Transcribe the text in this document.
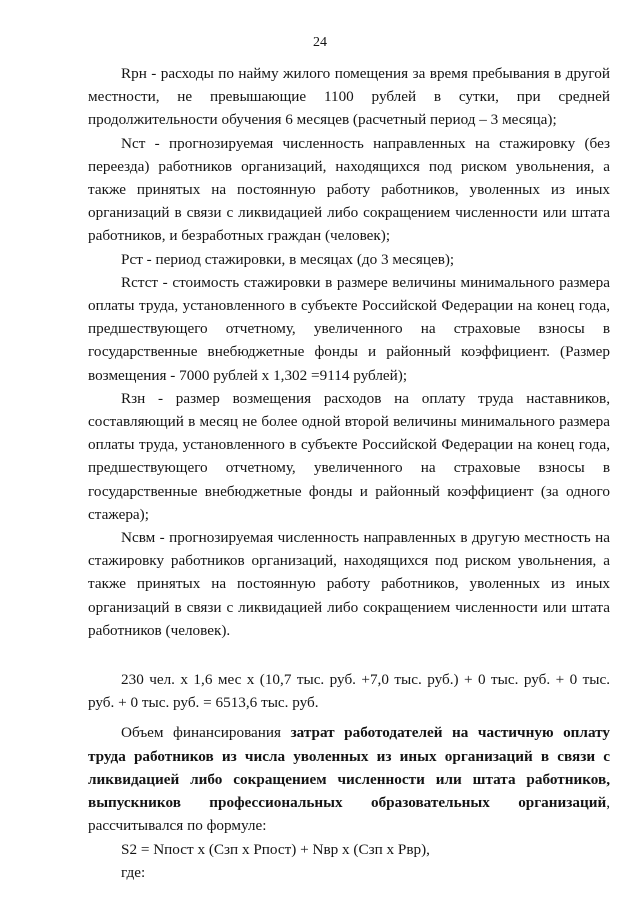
24

Rрн - расходы по найму жилого помещения за время пребывания в другой местности, не превышающие 1100 рублей в сутки, при средней продолжительности обучения 6 месяцев (расчетный период – 3 месяца);

Nст - прогнозируемая численность направленных на стажировку (без переезда) работников организаций, находящихся под риском увольнения, а также принятых на постоянную работу работников, уволенных из иных организаций в связи с ликвидацией либо сокращением численности или штата работников, и безработных граждан (человек);

Рст - период стажировки, в месяцах (до 3 месяцев);

Rстст - стоимость стажировки в размере величины минимального размера оплаты труда, установленного в субъекте Российской Федерации на конец года, предшествующего отчетному, увеличенного на страховые взносы в государственные внебюджетные фонды и районный коэффициент. (Размер возмещения - 7000 рублей х 1,302 =9114 рублей);

Rзн - размер возмещения расходов на оплату труда наставников, составляющий в месяц не более одной второй величины минимального размера оплаты труда, установленного в субъекте Российской Федерации на конец года, предшествующего отчетному, увеличенного на страховые взносы в государственные внебюджетные фонды и районный коэффициент (за одного стажера);

Nсвм - прогнозируемая численность направленных в другую местность на стажировку работников организаций, находящихся под риском увольнения, а также принятых на постоянную работу работников, уволенных из иных организаций в связи с ликвидацией либо сокращением численности или штата работников (человек).

230 чел. х 1,6 мес х (10,7 тыс. руб. +7,0 тыс. руб.) + 0 тыс. руб. + 0 тыс. руб. + 0 тыс. руб. = 6513,6 тыс. руб.

Объем финансирования затрат работодателей на частичную оплату труда работников из числа уволенных из иных организаций в связи с ликвидацией либо сокращением численности или штата работников, выпускников профессиональных образовательных организаций, рассчитывался по формуле:

S2 = Nпост х (Сзп х Рпост) + Nвр х (Сзп х Рвр),

где:
